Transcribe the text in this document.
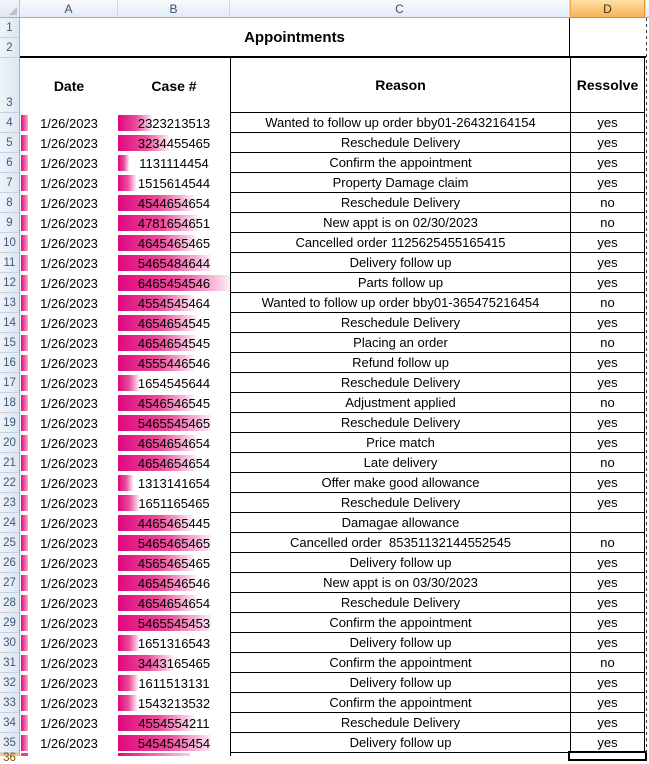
A	B	C	D
1
2
3
4
5
6
7
8
9
10
11
12
13
14
15
16
17
18
19
20
21
22
23
24
25
26
27
28
29
30
31
32
33
34
35
36
Appointments
Date	Case #	Reason	Ressolve
1/26/2023	2323213513	Wanted to follow up order bby01-26432164154	yes
1/26/2023	3234455465	Reschedule Delivery	yes
1/26/2023	1131114454	Confirm the appointment	yes
1/26/2023	1515614544	Property Damage claim	yes
1/26/2023	4544654654	Reschedule Delivery	no
1/26/2023	4781654651	New appt is on 02/30/2023	no
1/26/2023	4645465465	Cancelled order 1125625455165415	yes
1/26/2023	5465484644	Delivery follow up	yes
1/26/2023	6465454546	Parts follow up	yes
1/26/2023	4554545464	Wanted to follow up order bby01-365475216454	no
1/26/2023	4654654545	Reschedule Delivery	yes
1/26/2023	4654654545	Placing an order	no
1/26/2023	4555446546	Refund follow up	yes
1/26/2023	1654545644	Reschedule Delivery	yes
1/26/2023	4546546545	Adjustment applied	no
1/26/2023	5465545465	Reschedule Delivery	yes
1/26/2023	4654654654	Price match	yes
1/26/2023	4654654654	Late delivery	no
1/26/2023	1313141654	Offer make good allowance	yes
1/26/2023	1651165465	Reschedule Delivery	yes
1/26/2023	4465465445	Damagae allowance
1/26/2023	5465465465	Cancelled order  85351132144552545	no
1/26/2023	4565465465	Delivery follow up	yes
1/26/2023	4654546546	New appt is on 03/30/2023	yes
1/26/2023	4654654654	Reschedule Delivery	yes
1/26/2023	5465545453	Confirm the appointment	yes
1/26/2023	1651316543	Delivery follow up	yes
1/26/2023	3443165465	Confirm the appointment	no
1/26/2023	1611513131	Delivery follow up	yes
1/26/2023	1543213532	Confirm the appointment	yes
1/26/2023	4554554211	Reschedule Delivery	yes
1/26/2023	5454545454	Delivery follow up	yes
